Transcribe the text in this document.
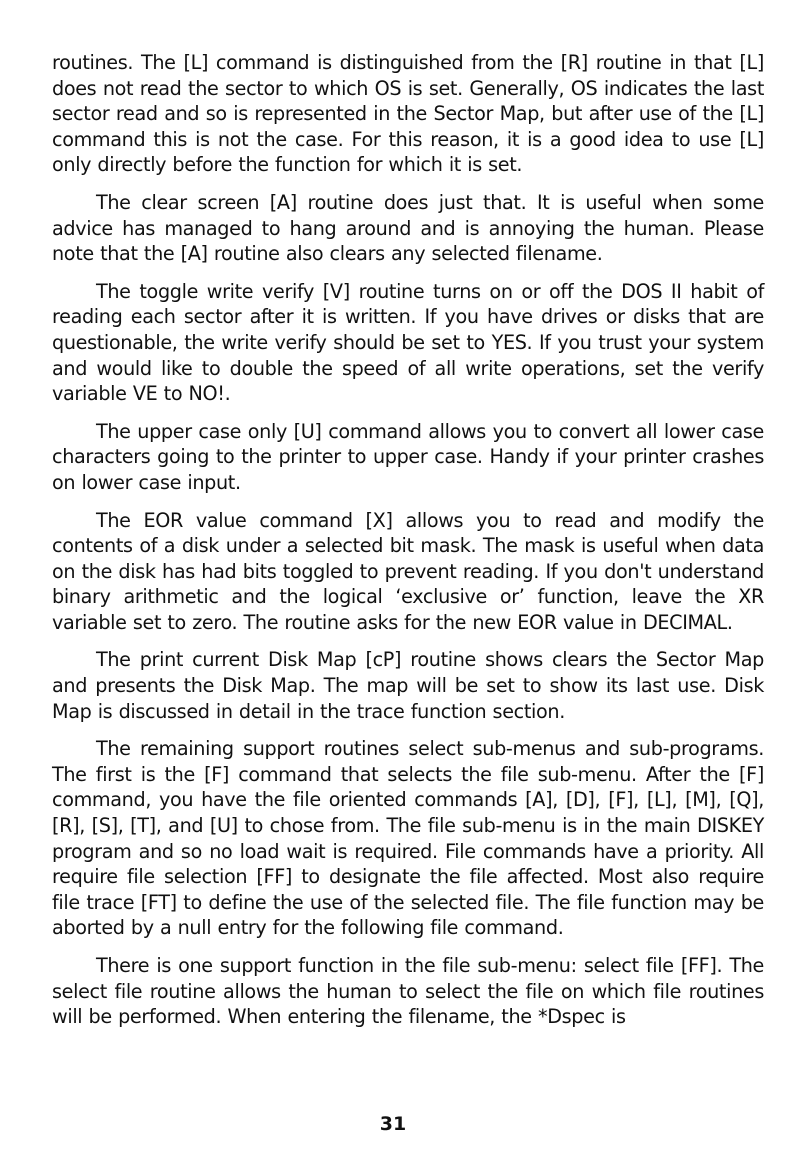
routines. The [L] command is distinguished from the [R] routine in that [L] does not read the sector to which OS is set. Generally, OS indicates the last sector read and so is represented in the Sector Map, but after use of the [L] command this is not the case. For this reason, it is a good idea to use [L] only directly before the function for which it is set.

The clear screen [A] routine does just that. It is useful when some advice has managed to hang around and is annoying the human. Please note that the [A] routine also clears any selected filename.

The toggle write verify [V] routine turns on or off the DOS II habit of reading each sector after it is written. If you have drives or disks that are questionable, the write verify should be set to YES. If you trust your system and would like to double the speed of all write operations, set the verify variable VE to NO!.

The upper case only [U] command allows you to convert all lower case characters going to the printer to upper case. Handy if your printer crashes on lower case input.

The EOR value command [X] allows you to read and modify the contents of a disk under a selected bit mask. The mask is useful when data on the disk has had bits toggled to prevent reading. If you don't understand binary arithmetic and the logical ‘exclusive or’ function, leave the XR variable set to zero. The routine asks for the new EOR value in DECIMAL.

The print current Disk Map [cP] routine shows clears the Sector Map and presents the Disk Map. The map will be set to show its last use. Disk Map is discussed in detail in the trace function section.

The remaining support routines select sub-menus and sub-programs. The first is the [F] command that selects the file sub-menu. After the [F] command, you have the file oriented commands [A], [D], [F], [L], [M], [Q], [R], [S], [T], and [U] to chose from. The file sub-menu is in the main DISKEY program and so no load wait is required. File commands have a priority. All require file selection [FF] to designate the file affected. Most also require file trace [FT] to define the use of the selected file. The file function may be aborted by a null entry for the following file command.

There is one support function in the file sub-menu: select file [FF]. The select file routine allows the human to select the file on which file routines will be performed. When entering the filename, the *Dspec is

31
